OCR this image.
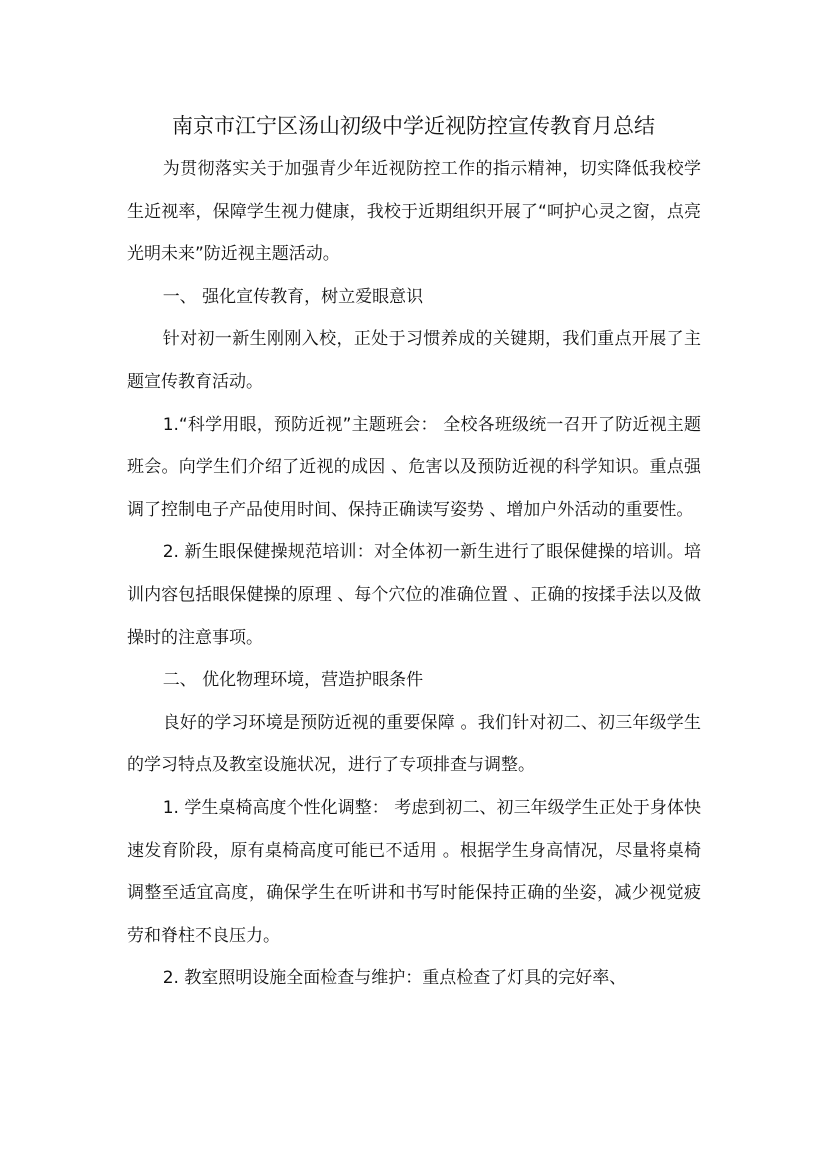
南京市江宁区汤山初级中学近视防控宣传教育月总结

为贯彻落实关于加强青少年近视防控工作的指示精神，切实降低我校学生近视率，保障学生视力健康，我校于近期组织开展了“呵护心灵之窗，点亮光明未来”防近视主题活动。

一、 强化宣传教育，树立爱眼意识

针对初一新生刚刚入校，正处于习惯养成的关键期，我们重点开展了主题宣传教育活动。

1.“科学用眼，预防近视”主题班会： 全校各班级统一召开了防近视主题班会。向学生们介绍了近视的成因 、危害以及预防近视的科学知识。重点强调了控制电子产品使用时间、保持正确读写姿势 、增加户外活动的重要性。

2. 新生眼保健操规范培训：对全体初一新生进行了眼保健操的培训。培训内容包括眼保健操的原理 、每个穴位的准确位置 、正确的按揉手法以及做操时的注意事项。

二、 优化物理环境，营造护眼条件

良好的学习环境是预防近视的重要保障 。我们针对初二、初三年级学生的学习特点及教室设施状况，进行了专项排查与调整。

1. 学生桌椅高度个性化调整： 考虑到初二、初三年级学生正处于身体快速发育阶段，原有桌椅高度可能已不适用 。根据学生身高情况，尽量将桌椅调整至适宜高度，确保学生在听讲和书写时能保持正确的坐姿，减少视觉疲劳和脊柱不良压力。

2. 教室照明设施全面检查与维护：重点检查了灯具的完好率、
